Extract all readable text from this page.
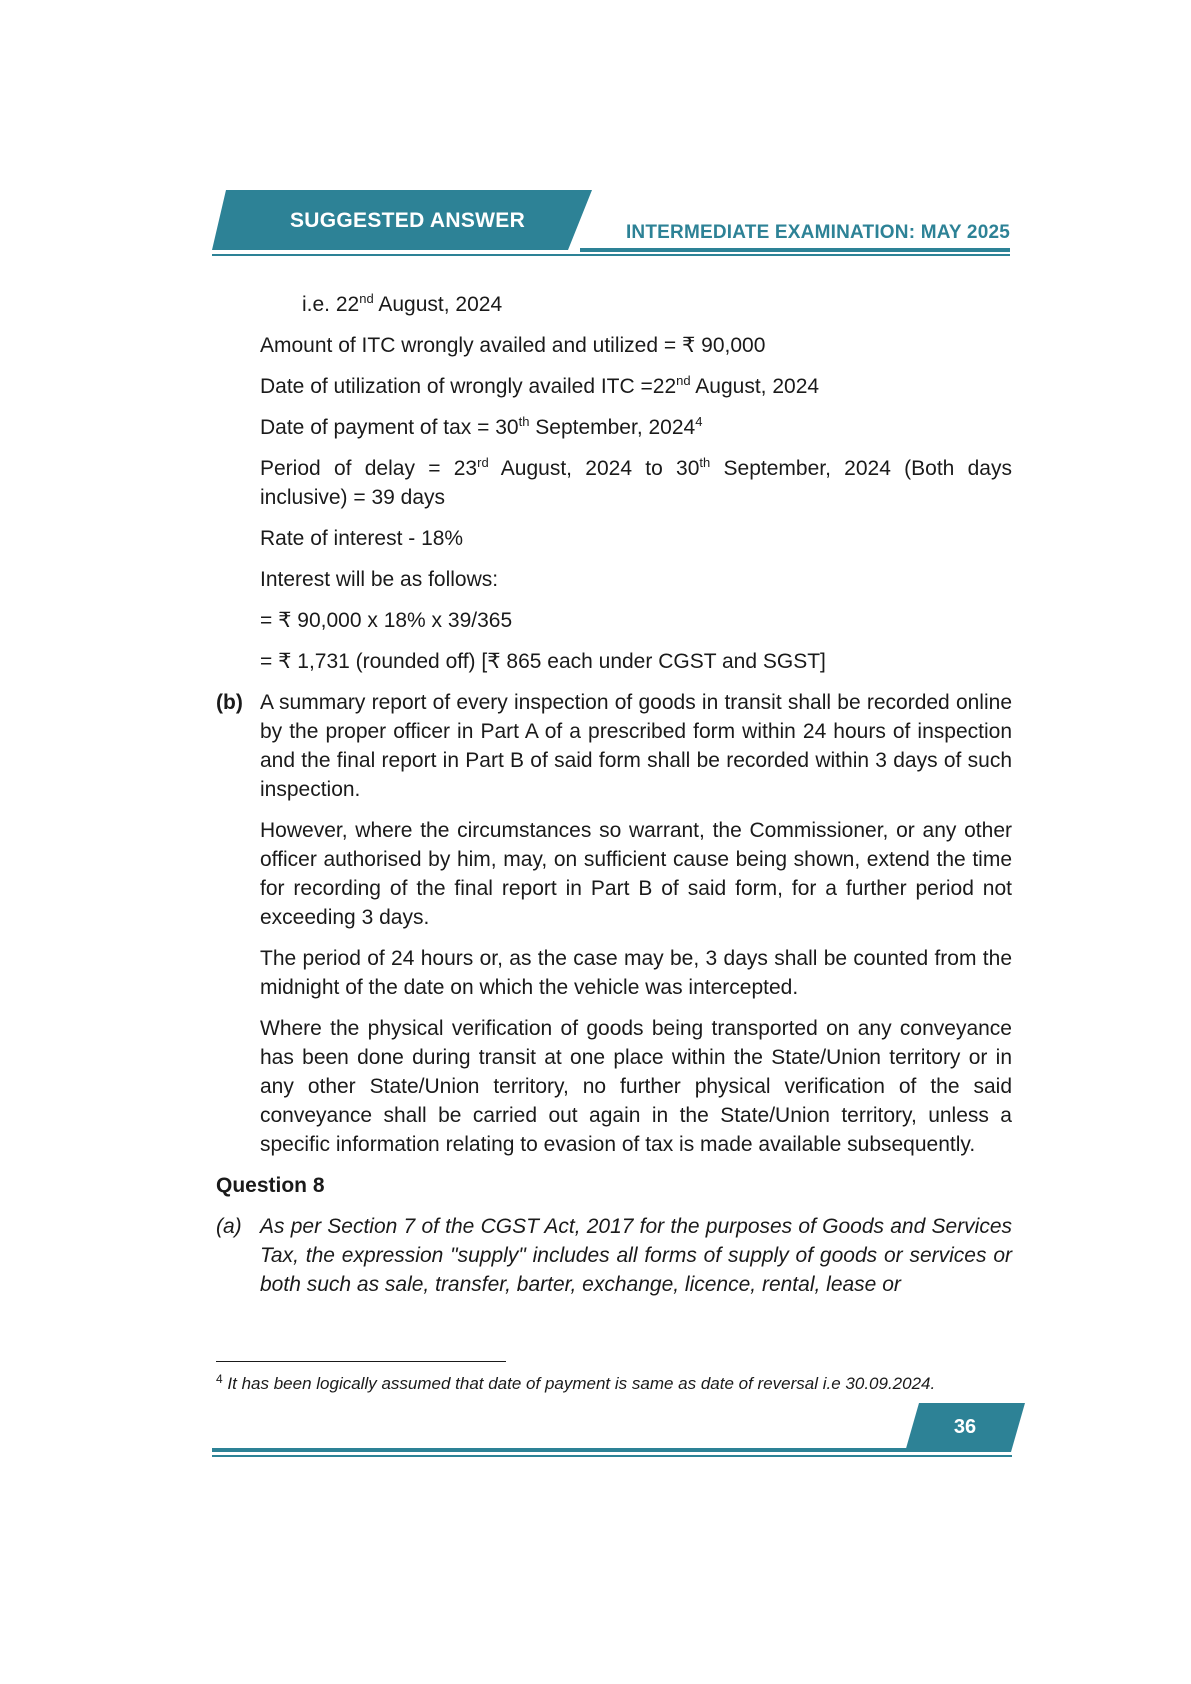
SUGGESTED ANSWER
INTERMEDIATE EXAMINATION: MAY 2025

i.e. 22nd August, 2024

Amount of ITC wrongly availed and utilized = ₹ 90,000

Date of utilization of wrongly availed ITC =22nd August, 2024

Date of payment of tax = 30th September, 2024$^4$

Period of delay = 23rd August, 2024 to 30th September, 2024 (Both days inclusive) = 39 days

Rate of interest - 18%

Interest will be as follows:

= ₹ 90,000 x 18% x 39/365

= ₹ 1,731 (rounded off) [₹ 865 each under CGST and SGST]

(b) A summary report of every inspection of goods in transit shall be recorded online by the proper officer in Part A of a prescribed form within 24 hours of inspection and the final report in Part B of said form shall be recorded within 3 days of such inspection.

However, where the circumstances so warrant, the Commissioner, or any other officer authorised by him, may, on sufficient cause being shown, extend the time for recording of the final report in Part B of said form, for a further period not exceeding 3 days.

The period of 24 hours or, as the case may be, 3 days shall be counted from the midnight of the date on which the vehicle was intercepted.

Where the physical verification of goods being transported on any conveyance has been done during transit at one place within the State/Union territory or in any other State/Union territory, no further physical verification of the said conveyance shall be carried out again in the State/Union territory, unless a specific information relating to evasion of tax is made available subsequently.

Question 8
(a) As per Section 7 of the CGST Act, 2017 for the purposes of Goods and Services Tax, the expression "supply" includes all forms of supply of goods or services or both such as sale, transfer, barter, exchange, licence, rental, lease or
$^4$ It has been logically assumed that date of payment is same as date of reversal i.e 30.09.2024.
36
